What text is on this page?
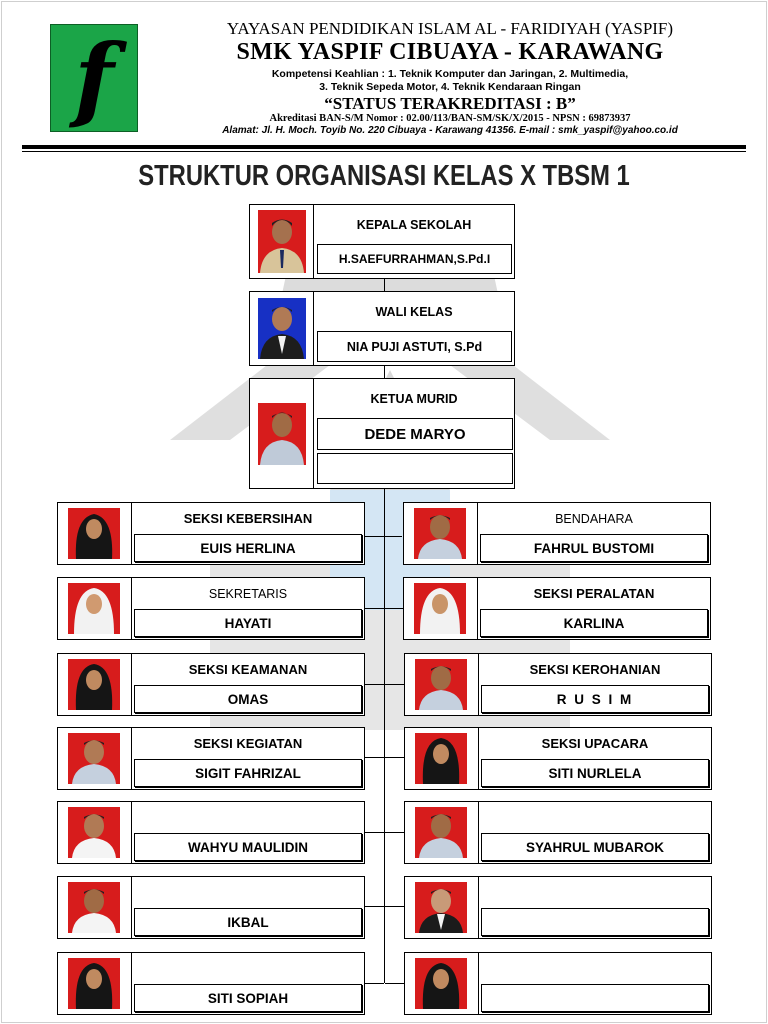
f	YAYASAN PENDIDIKAN ISLAM AL - FARIDIYAH (YASPIF)
SMK YASPIF CIBUAYA - KARAWANG
Kompetensi Keahlian : 1. Teknik Komputer dan Jaringan, 2. Multimedia,
3. Teknik Sepeda Motor, 4. Teknik Kendaraan Ringan
“STATUS TERAKREDITASI : B”
Akreditasi BAN-S/M Nomor : 02.00/113/BAN-SM/SK/X/2015 - NPSN : 69873937
Alamat: Jl. H. Moch. Toyib No. 220 Cibuaya - Karawang 41356. E-mail : smk_yaspif@yahoo.co.id
STRUKTUR ORGANISASI KELAS X TBSM 1
KEPALA SEKOLAH
H.SAEFURRAHMAN,S.Pd.I
WALI KELAS
NIA PUJI ASTUTI, S.Pd
KETUA MURID
DEDE MARYO
SEKSI KEBERSIHAN
EUIS HERLINA
SEKRETARIS
HAYATI
SEKSI KEAMANAN
OMAS
SEKSI KEGIATAN
SIGIT FAHRIZAL
WAHYU MAULIDIN
IKBAL
SITI SOPIAH
BENDAHARA
FAHRUL BUSTOMI
SEKSI PERALATAN
KARLINA
SEKSI KEROHANIAN
R U S I M
SEKSI UPACARA
SITI NURLELA
SYAHRUL MUBAROK
